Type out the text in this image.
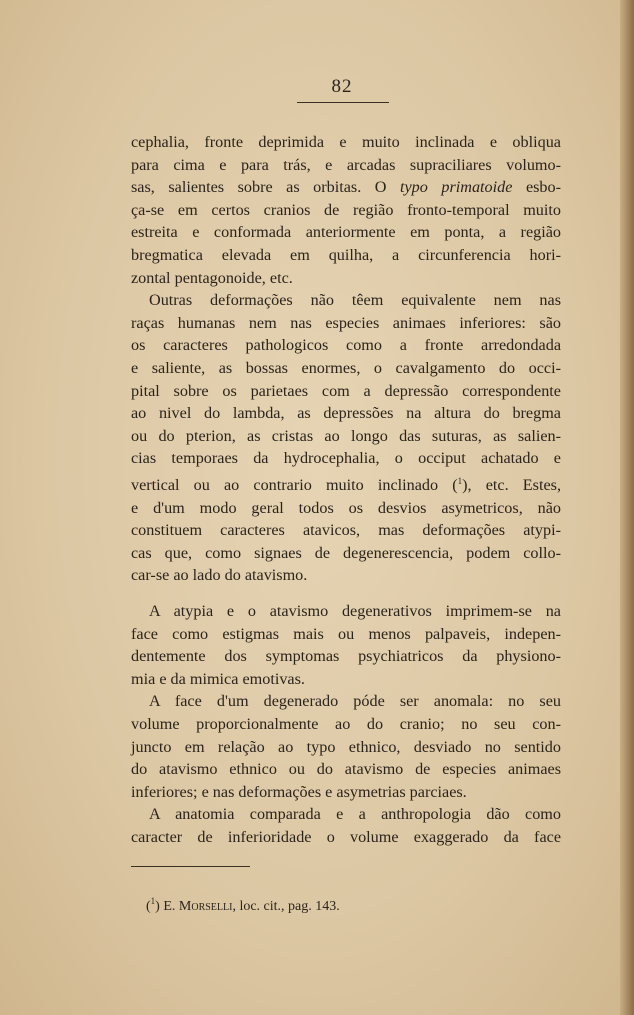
82
cephalia, fronte deprimida e muito inclinada e obliqua
para cima e para trás, e arcadas supraciliares volumo-
sas, salientes sobre as orbitas. O typo primatoide esbo-
ça-se em certos cranios de região fronto-temporal muito
estreita e conformada anteriormente em ponta, a região
bregmatica elevada em quilha, a circunferencia hori-
zontal pentagonoide, etc.
Outras deformações não têem equivalente nem nas
raças humanas nem nas especies animaes inferiores: são
os caracteres pathologicos como a fronte arredondada
e saliente, as bossas enormes, o cavalgamento do occi-
pital sobre os parietaes com a depressão correspondente
ao nivel do lambda, as depressões na altura do bregma
ou do pterion, as cristas ao longo das suturas, as salien-
cias temporaes da hydrocephalia, o occiput achatado e
vertical ou ao contrario muito inclinado ($^1$), etc. Estes,
e d'um modo geral todos os desvios asymetricos, não
constituem caracteres atavicos, mas deformações atypi-
cas que, como signaes de degenerescencia, podem collo-
car-se ao lado do atavismo.
A atypia e o atavismo degenerativos imprimem-se na
face como estigmas mais ou menos palpaveis, indepen-
dentemente dos symptomas psychiatricos da physiono-
mia e da mimica emotivas.
A face d'um degenerado póde ser anomala: no seu
volume proporcionalmente ao do cranio; no seu con-
juncto em relação ao typo ethnico, desviado no sentido
do atavismo ethnico ou do atavismo de especies animaes
inferiores; e nas deformações e asymetrias parciaes.
A anatomia comparada e a anthropologia dão como
caracter de inferioridade o volume exaggerado da face
($^1$) E. Morselli, loc. cit., pag. 143.
